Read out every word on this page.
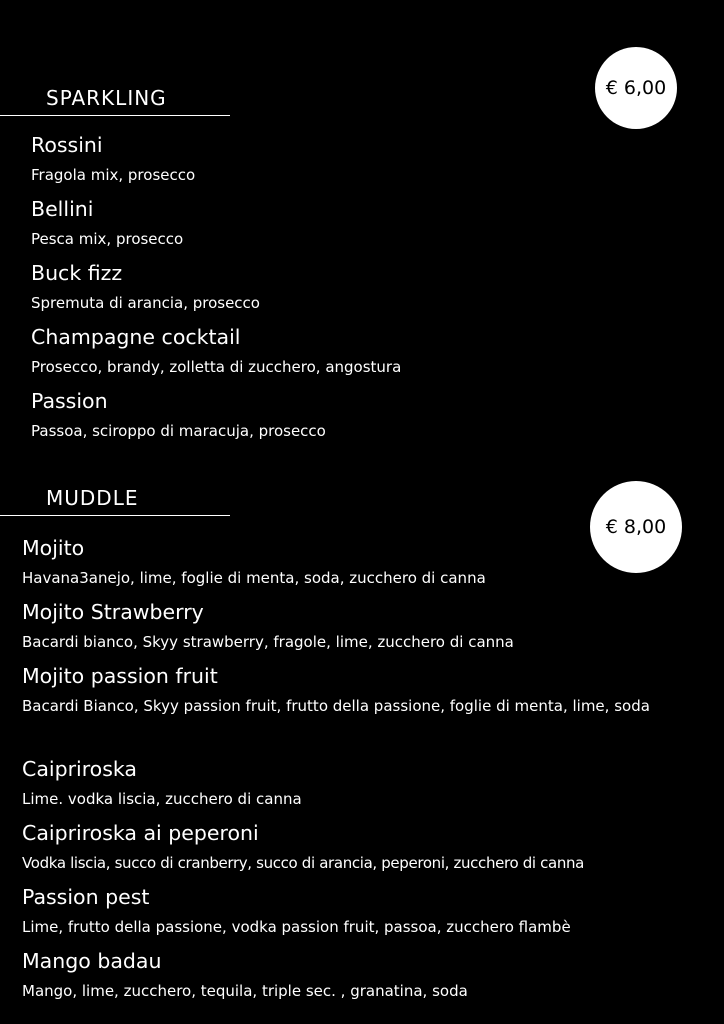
SPARKLING	€ 6,00
Rossini
Fragola mix, prosecco
Bellini
Pesca mix, prosecco
Buck fizz
Spremuta di arancia, prosecco
Champagne cocktail
Prosecco, brandy, zolletta di zucchero, angostura
Passion
Passoa, sciroppo di maracuja, prosecco
MUDDLE
€ 8,00
Mojito
Havana3anejo, lime, foglie di menta, soda, zucchero di canna
Mojito Strawberry
Bacardi bianco, Skyy strawberry, fragole, lime, zucchero di canna
Mojito passion fruit
Bacardi Bianco, Skyy passion fruit, frutto della passione, foglie di menta, lime, soda
Caipriroska
Lime. vodka liscia, zucchero di canna
Caipriroska ai peperoni
Vodka liscia, succo di cranberry, succo di arancia, peperoni, zucchero di canna
Passion pest
Lime, frutto della passione, vodka passion fruit, passoa, zucchero flambè
Mango badau
Mango, lime, zucchero, tequila, triple sec. , granatina, soda
